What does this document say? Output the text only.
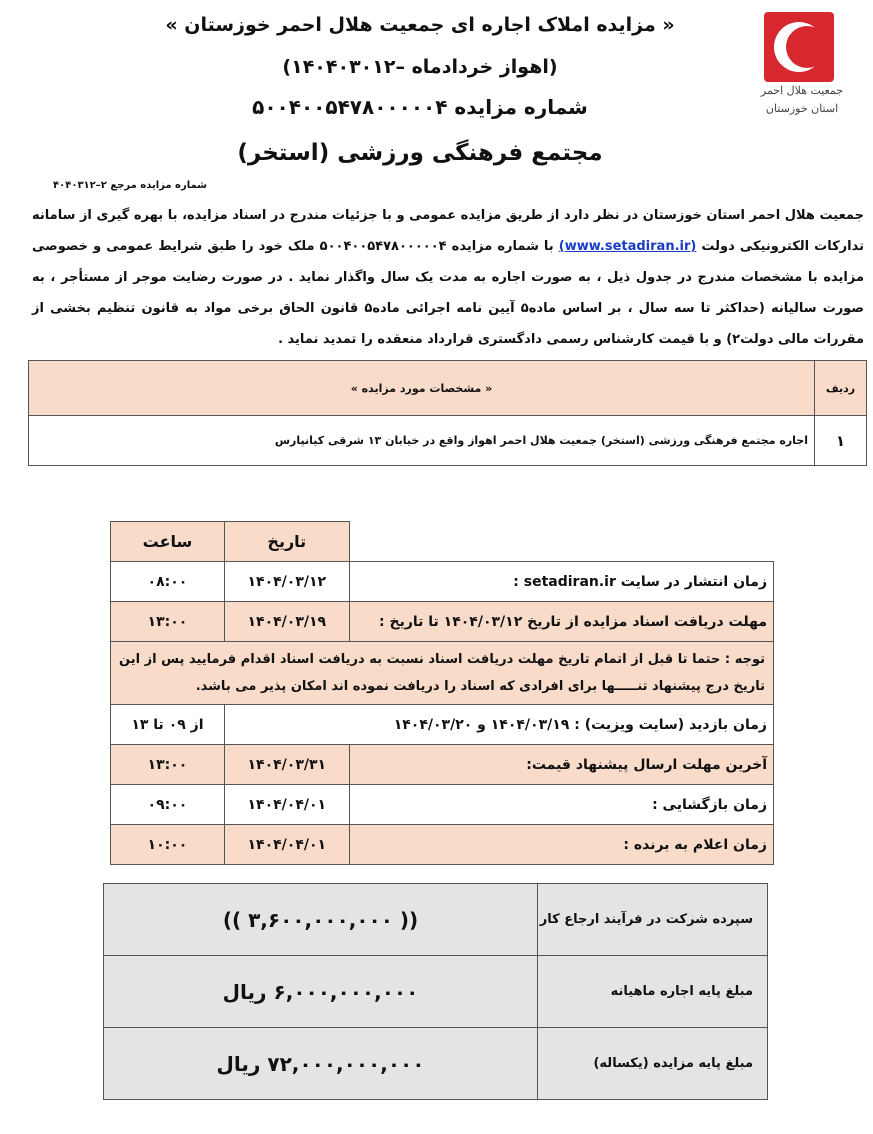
جمعیت هلال احمر
استان خوزستان
« مزایده املاک اجاره ای جمعیت هلال احمر خوزستان »
(اهواز خردادماه –۱۴۰۴۰۳۰۱۲)
شماره مزایده ۵۰۰۴۰۰۵۴۷۸۰۰۰۰۰۴
مجتمع فرهنگی ورزشی (استخر)
شماره مزایده مرجع ۲–۴۰۴۰۳۱۲
جمعیت هلال احمر استان خوزستان در نظر دارد از طریق مزایده عمومی و با جزئیات مندرج در اسناد مزایده، با بهره گیری از سامانه تدارکات الکترونیکی دولت (www.setadiran.ir) با شماره مزایده ۵۰۰۴۰۰۵۴۷۸۰۰۰۰۰۴ ملک خود را طبق شرایط عمومی و خصوصی مزایده با مشخصات مندرج در جدول ذیل ، به صورت اجاره به مدت یک سال واگذار نماید . در صورت رضایت موجر از مستأجر ، به صورت سالیانه (حداکثر تا سه سال ، بر اساس ماده۵ آیین نامه اجرائی ماده۵ قانون الحاق برخی مواد به قانون تنظیم بخشی از مقررات مالی دولت۲) و با قیمت کارشناس رسمی دادگستری قرارداد منعقده را تمدید نماید .
ردیف	« مشخصات مورد مزایده »
۱	اجاره مجتمع فرهنگی ورزشی (استخر) جمعیت هلال احمر اهواز واقع در خیابان ۱۳ شرقی کیانپارس
	تاریخ	ساعت
زمان انتشار در سایت setadiran.ir :	۱۴۰۴/۰۳/۱۲	۰۸:۰۰
مهلت دریافت اسناد مزایده از تاریخ ۱۴۰۴/۰۳/۱۲ تا تاریخ :	۱۴۰۴/۰۳/۱۹	۱۳:۰۰
توجه : حتما تا قبل از اتمام تاریخ مهلت دریافت اسناد نسبت به دریافت اسناد اقدام فرمایید پس از این تاریخ درج پیشنهاد تنـــــها برای افرادی که اسناد را دریافت نموده اند امکان پذیر می باشد.		
زمان بازدید (سایت ویزیت) : ۱۴۰۴/۰۳/۱۹ و ۱۴۰۴/۰۳/۲۰		از ۰۹ تا ۱۳
آخرین مهلت ارسال پیشنهاد قیمت:	۱۴۰۴/۰۳/۳۱	۱۳:۰۰
زمان بازگشایی :	۱۴۰۴/۰۴/۰۱	۰۹:۰۰
زمان اعلام به برنده :	۱۴۰۴/۰۴/۰۱	۱۰:۰۰
سپرده شرکت در فرآیند ارجاع کار	(( ۳,۶۰۰,۰۰۰,۰۰۰ ))
مبلغ پایه اجاره ماهیانه	۶,۰۰۰,۰۰۰,۰۰۰ ریال
مبلغ پایه مزایده (یکساله)	۷۲,۰۰۰,۰۰۰,۰۰۰ ریال
